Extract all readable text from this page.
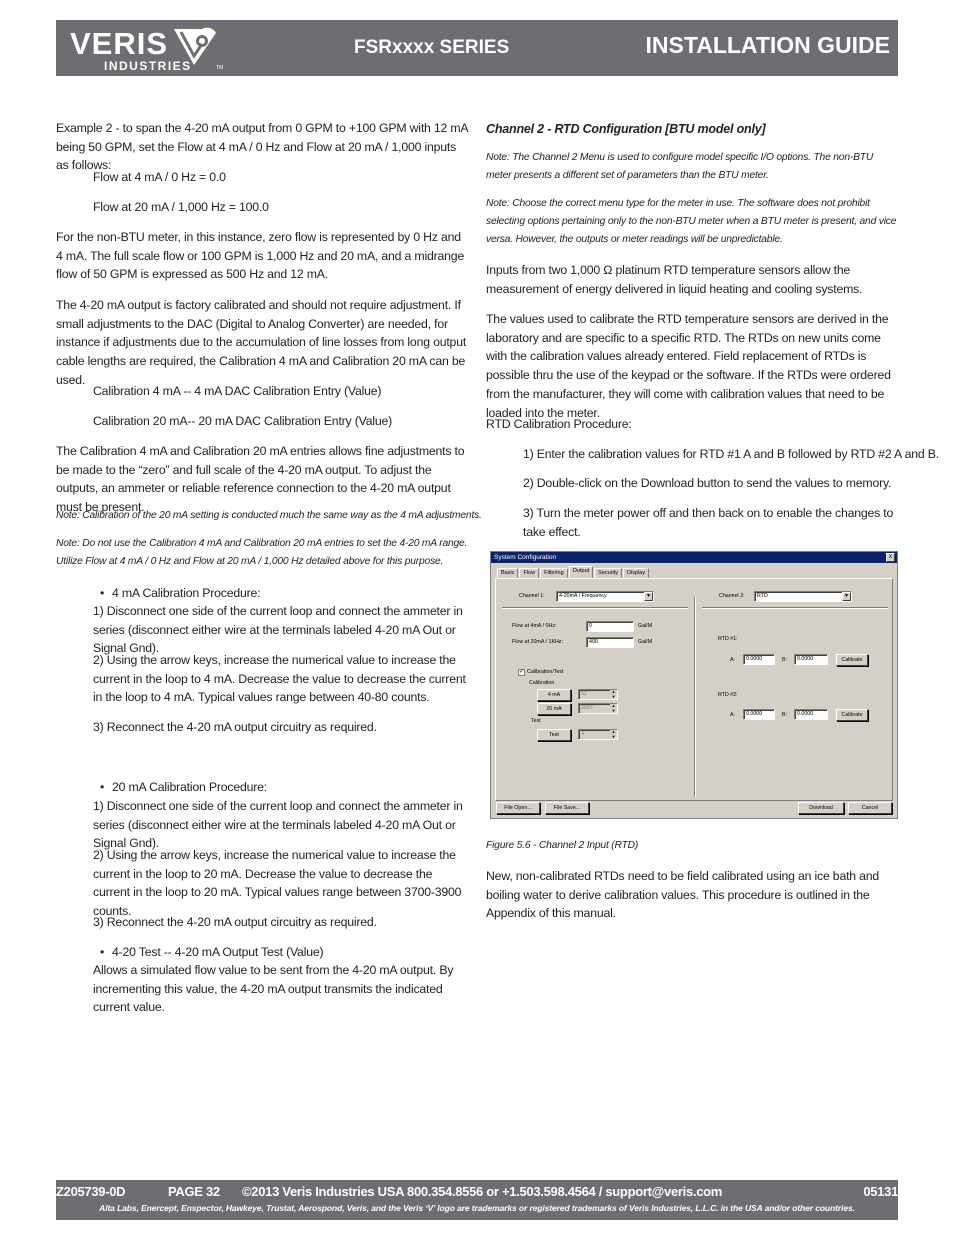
VERIS
INDUSTRIES	TM
FSRxxxx SERIES	INSTALLATION GUIDE
Example 2 - to span the 4-20 mA output from 0 GPM to +100 GPM with 12 mA being 50 GPM, set the Flow at 4 mA / 0 Hz and Flow at 20 mA / 1,000 inputs as follows:
Flow at 4 mA / 0 Hz = 0.0
Flow at 20 mA / 1,000 Hz = 100.0
For the non-BTU meter, in this instance, zero flow is represented by 0 Hz and 4 mA. The full scale flow or 100 GPM is 1,000 Hz and 20 mA, and a midrange flow of 50 GPM is expressed as 500 Hz and 12 mA.
The 4-20 mA output is factory calibrated and should not require adjustment. If small adjustments to the DAC (Digital to Analog Converter) are needed, for instance if adjustments due to the accumulation of line losses from long output cable lengths are required, the Calibration 4 mA and Calibration 20 mA can be used.
Calibration 4 mA -- 4 mA DAC Calibration Entry (Value)
Calibration 20 mA-- 20 mA DAC Calibration Entry (Value)
The Calibration 4 mA and Calibration 20 mA entries allows fine adjustments to be made to the “zero” and full scale of the 4-20 mA output. To adjust the outputs, an ammeter or reliable reference connection to the 4-20 mA output must be present.
Note: Calibration of the 20 mA setting is conducted much the same way as the 4 mA adjustments.
Note: Do not use the Calibration 4 mA and Calibration 20 mA entries to set the 4-20 mA range. Utilize Flow at 4 mA / 0 Hz and Flow at 20 mA / 1,000 Hz detailed above for this purpose.
• 4 mA Calibration Procedure:
1) Disconnect one side of the current loop and connect the ammeter in series (disconnect either wire at the terminals labeled 4-20 mA Out or Signal Gnd).
2) Using the arrow keys, increase the numerical value to increase the current in the loop to 4 mA. Decrease the value to decrease the current in the loop to 4 mA. Typical values range between 40-80 counts.
3) Reconnect the 4-20 mA output circuitry as required.
• 20 mA Calibration Procedure:
1) Disconnect one side of the current loop and connect the ammeter in series (disconnect either wire at the terminals labeled 4-20 mA Out or Signal Gnd).
2) Using the arrow keys, increase the numerical value to increase the current in the loop to 20 mA. Decrease the value to decrease the current in the loop to 20 mA. Typical values range between 3700-3900 counts.
3) Reconnect the 4-20 mA output circuitry as required.
• 4-20 Test -- 4-20 mA Output Test (Value)
Allows a simulated flow value to be sent from the 4-20 mA output. By incrementing this value, the 4-20 mA output transmits the indicated current value.
Channel 2 - RTD Configuration [BTU model only]
Note: The Channel 2 Menu is used to configure model specific I/O options. The non-BTU meter presents a different set of parameters than the BTU meter.
Note: Choose the correct menu type for the meter in use. The software does not prohibit selecting options pertaining only to the non-BTU meter when a BTU meter is present, and vice versa. However, the outputs or meter readings will be unpredictable.
Inputs from two 1,000 Ω platinum RTD temperature sensors allow the measurement of energy delivered in liquid heating and cooling systems.
The values used to calibrate the RTD temperature sensors are derived in the laboratory and are specific to a specific RTD. The RTDs on new units come with the calibration values already entered. Field replacement of RTDs is possible thru the use of the keypad or the software. If the RTDs were ordered from the manufacturer, they will come with calibration values that need to be loaded into the meter.
RTD Calibration Procedure:
1) Enter the calibration values for RTD #1 A and B followed by RTD #2 A and B.
2) Double-click on the Download button to send the values to memory.
3) Turn the meter power off and then back on to enable the changes to take effect.
System Configuration	x
Basic	Flow	Filtering	Output	Security	Display
Channel 1:	4-20mA / Frequency	▼
Flow at 4mA / 0Hz:	0	Gal/M
Flow at 20mA / 1KHz:	400	Gal/M
✓ Calibration/Test
Calibration
4 mA	52	▲
▼
20 mA	3837	▲
▼
Test
Test	4	▲
▼
Channel 2:	RTD	▼
RTD #1:
A:	0.0000	B:	0.0000	Calibrate
RTD #2:
A:	0.0000	B:	0.0000	Calibrate
File Open...	File Save...	Download	Cancel
Figure 5.6 - Channel 2 Input (RTD)
New, non-calibrated RTDs need to be field calibrated using an ice bath and boiling water to derive calibration values. This procedure is outlined in the Appendix of this manual.
Z205739-0D	PAGE 32 ©2013 Veris Industries USA 800.354.8556 or +1.503.598.4564 / support@veris.com	05131
Alta Labs, Enercept, Enspector, Hawkeye, Trustat, Aerospond, Veris, and the Veris ‘V’ logo are trademarks or registered trademarks of Veris Industries, L.L.C. in the USA and/or other countries.
